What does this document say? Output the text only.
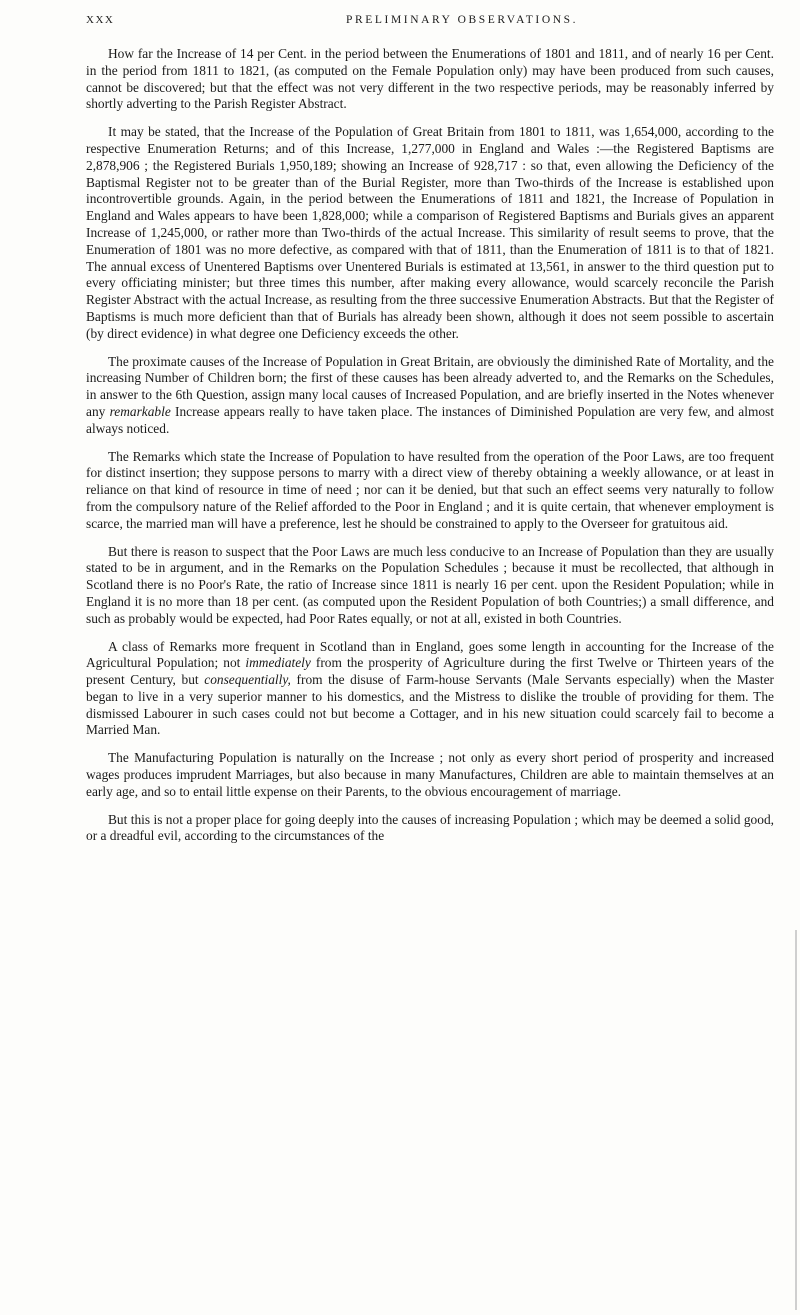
XXX	PRELIMINARY OBSERVATIONS.

How far the Increase of 14 per Cent. in the period between the Enumerations of 1801 and 1811, and of nearly 16 per Cent. in the period from 1811 to 1821, (as computed on the Female Population only) may have been produced from such causes, cannot be discovered; but that the effect was not very different in the two respective periods, may be reasonably inferred by shortly adverting to the Parish Register Abstract.

It may be stated, that the Increase of the Population of Great Britain from 1801 to 1811, was 1,654,000, according to the respective Enumeration Returns; and of this Increase, 1,277,000 in England and Wales :—the Registered Baptisms are 2,878,906 ; the Registered Burials 1,950,189; showing an Increase of 928,717 : so that, even allowing the Deficiency of the Baptismal Register not to be greater than of the Burial Register, more than Two-thirds of the Increase is established upon incontrovertible grounds. Again, in the period between the Enumerations of 1811 and 1821, the Increase of Population in England and Wales appears to have been 1,828,000; while a comparison of Registered Baptisms and Burials gives an apparent Increase of 1,245,000, or rather more than Two-thirds of the actual Increase. This similarity of result seems to prove, that the Enumeration of 1801 was no more defective, as compared with that of 1811, than the Enumeration of 1811 is to that of 1821. The annual excess of Unentered Baptisms over Unentered Burials is estimated at 13,561, in answer to the third question put to every officiating minister; but three times this number, after making every allowance, would scarcely reconcile the Parish Register Abstract with the actual Increase, as resulting from the three successive Enumeration Abstracts. But that the Register of Baptisms is much more deficient than that of Burials has already been shown, although it does not seem possible to ascertain (by direct evidence) in what degree one Deficiency exceeds the other.

The proximate causes of the Increase of Population in Great Britain, are obviously the diminished Rate of Mortality, and the increasing Number of Children born; the first of these causes has been already adverted to, and the Remarks on the Schedules, in answer to the 6th Question, assign many local causes of Increased Population, and are briefly inserted in the Notes whenever any remarkable Increase appears really to have taken place. The instances of Diminished Population are very few, and almost always noticed.

The Remarks which state the Increase of Population to have resulted from the operation of the Poor Laws, are too frequent for distinct insertion; they suppose persons to marry with a direct view of thereby obtaining a weekly allowance, or at least in reliance on that kind of resource in time of need ; nor can it be denied, but that such an effect seems very naturally to follow from the compulsory nature of the Relief afforded to the Poor in England ; and it is quite certain, that whenever employment is scarce, the married man will have a preference, lest he should be constrained to apply to the Overseer for gratuitous aid.

But there is reason to suspect that the Poor Laws are much less conducive to an Increase of Population than they are usually stated to be in argument, and in the Remarks on the Population Schedules ; because it must be recollected, that although in Scotland there is no Poor's Rate, the ratio of Increase since 1811 is nearly 16 per cent. upon the Resident Population; while in England it is no more than 18 per cent. (as computed upon the Resident Population of both Countries;) a small difference, and such as probably would be expected, had Poor Rates equally, or not at all, existed in both Countries.

A class of Remarks more frequent in Scotland than in England, goes some length in accounting for the Increase of the Agricultural Population; not immediately from the prosperity of Agriculture during the first Twelve or Thirteen years of the present Century, but consequentially, from the disuse of Farm-house Servants (Male Servants especially) when the Master began to live in a very superior manner to his domestics, and the Mistress to dislike the trouble of providing for them. The dismissed Labourer in such cases could not but become a Cottager, and in his new situation could scarcely fail to become a Married Man.

The Manufacturing Population is naturally on the Increase ; not only as every short period of prosperity and increased wages produces imprudent Marriages, but also because in many Manufactures, Children are able to maintain themselves at an early age, and so to entail little expense on their Parents, to the obvious encouragement of marriage.

But this is not a proper place for going deeply into the causes of increasing Population ; which may be deemed a solid good, or a dreadful evil, according to the circumstances of the
